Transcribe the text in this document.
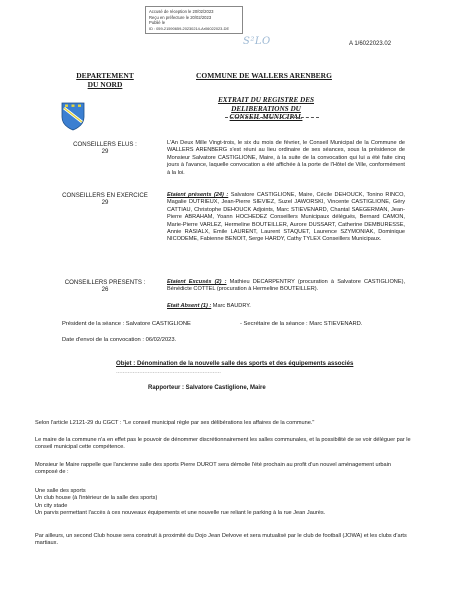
Accusé de réception le 20/02/2023
Reçu en préfecture le 20/02/2023
Publié le
ID : 059-21590659-20230214-Ar06022023-DE
S²LO	A 1/6022023.02
DEPARTEMENT
DU NORD
COMMUNE DE WALLERS ARENBERG
EXTRAIT DU REGISTRE DES DELIBERATIONS DU
CONSEIL MUNICIPAL
CONSEILLERS ELUS :
29
L'An Deux Mille Vingt-trois, le six du mois de février, le Conseil Municipal de la Commune de WALLERS ARENBERG s'est réuni au lieu ordinaire de ses séances, sous la présidence de Monsieur Salvatore CASTIGLIONE, Maire, à la suite de la convocation qui lui a été faite cinq jours à l'avance, laquelle convocation a été affichée à la porte de l'Hôtel de Ville, conformément à la loi.
CONSEILLERS EN EXERCICE
29
Etaient présents (24) : Salvatore CASTIGLIONE, Maire, Cécile DEHOUCK, Tonino RINCO, Magalie DUTRIEUX, Jean-Pierre SIEVIEZ, Suzel JAWORSKI, Vincente CASTIGLIONE, Géry CATTIAU, Christophe DEHOUCK Adjoints, Marc STIEVENARD, Chantal SAEGERMAN, Jean-Pierre ABRAHAM, Yoann HOCHEDEZ Conseillers Municipaux délégués, Bernard CAMON, Marie-Pierre VARLEZ, Hermeline BOUTEILLER, Aurore DUSSART, Catherine DEMBURESSE, Annie RASIALX, Emile LAURENT, Laurent STAQUET, Laurence SZYMONIAK, Dominique NICODEME, Fabienne BENOIT, Serge HARDY, Cathy TYLEX Conseillers Municipaux.
CONSEILLERS PRESENTS :
26
Etaient Excusés (2) : Mathieu DECARPENTRY (procuration à Salvatore CASTIGLIONE), Bénédicte COTTEL (procuration à Hermeline BOUTEILLER).
Etait Absent (1) : Marc BAUDRY.
Président de la séance : Salvatore CASTIGLIONE	- Secrétaire de la séance : Marc STIEVENARD.
Date d'envoi de la convocation : 06/02/2023.
Objet : Dénomination de la nouvelle salle des sports et des équipements associés
………………………………………………………
Rapporteur : Salvatore Castiglione, Maire
Selon l'article L2121-29 du CGCT : "Le conseil municipal règle par ses délibérations les affaires de la commune."
Le maire de la commune n'a en effet pas le pouvoir de dénommer discrétionnairement les salles communales, et la possibilité de se voir déléguer par le conseil municipal cette compétence.
Monsieur le Maire rappelle que l'ancienne salle des sports Pierre DUROT sera démolie l'été prochain au profit d'un nouvel aménagement urbain composé de :
Une salle des sports
Un club house (à l'intérieur de la salle des sports)
Un city stade
Un parvis permettant l'accès à ces nouveaux équipements et une nouvelle rue reliant le parking à la rue Jean Jaurès.
Par ailleurs, un second Club house sera construit à proximité du Dojo Jean Delvove et sera mutualisé par le club de football (JOWA) et les clubs d'arts martiaux.
